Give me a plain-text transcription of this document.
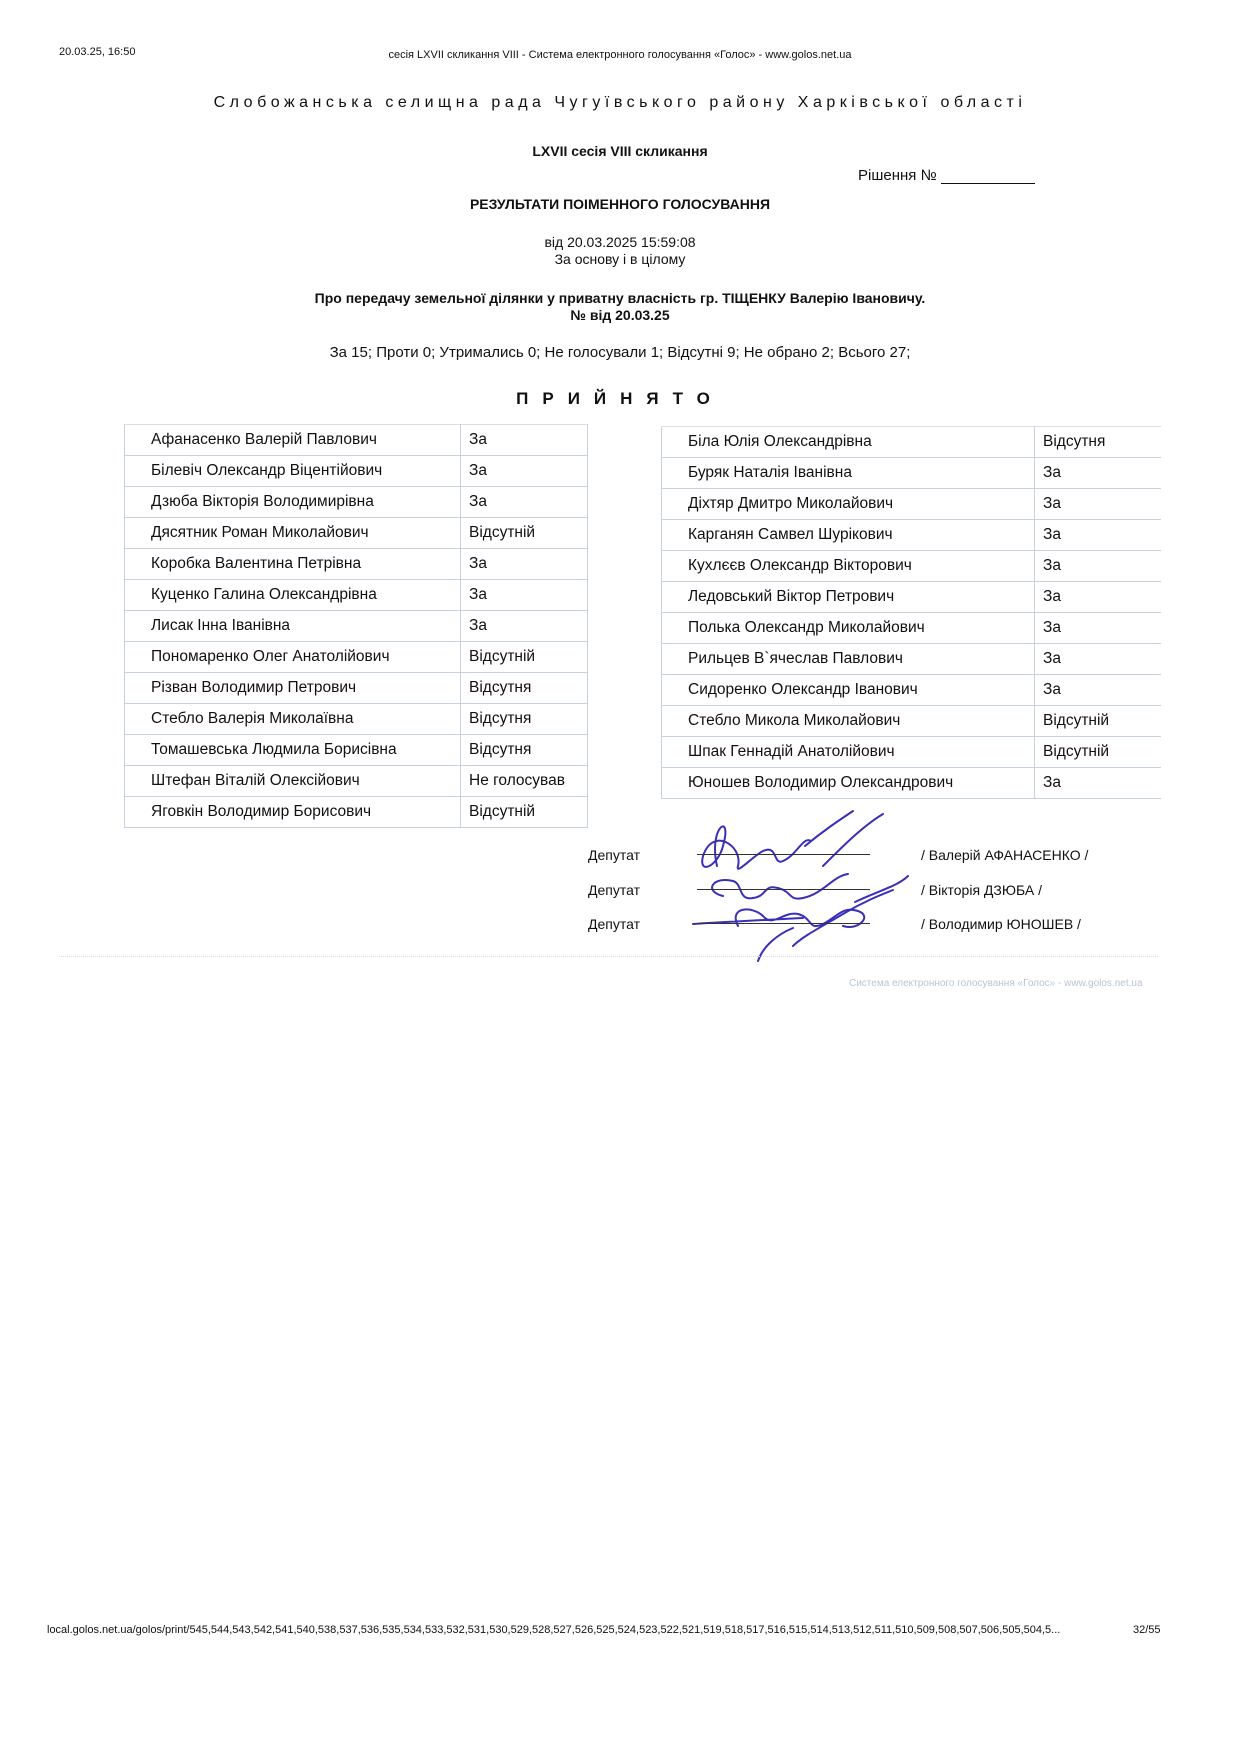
20.03.25, 16:50	сесія LXVII скликання VIII - Система електронного голосування «Голос» - www.golos.net.ua
Слобожанська селищна рада Чугуївського району Харківської області
LXVII сесія VIII скликання
Рішення №
РЕЗУЛЬТАТИ ПОІМЕННОГО ГОЛОСУВАННЯ
від 20.03.2025 15:59:08
За основу і в цілому
Про передачу земельної ділянки у приватну власність гр. ТІЩЕНКУ Валерію Івановичу.
№ від 20.03.25
За 15; Проти 0; Утримались 0; Не голосували 1; Відсутні 9; Не обрано 2; Всього 27;
ПРИЙНЯТО
Афанасенко Валерій Павлович	За
Білевіч Олександр Віцентійович	За
Дзюба Вікторія Володимирівна	За
Дяcятник Роман Миколайович	Відсутній
Коробка Валентина Петрівна	За
Куценко Галина Олександрівна	За
Лисак Інна Іванівна	За
Пономаренко Олег Анатолійович	Відсутній
Різван Володимир Петрович	Відсутня
Стебло Валерія Миколаївна	Відсутня
Томашевська Людмила Борисівна	Відсутня
Штефан Віталій Олексійович	Не голосував
Яговкін Володимир Борисович	Відсутній
Біла Юлія Олександрівна	Відсутня
Буряк Наталія Іванівна	За
Діхтяр Дмитро Миколайович	За
Карганян Самвел Шурікович	За
Кухлєєв Олександр Вікторович	За
Ледовський Віктор Петрович	За
Полька Олександр Миколайович	За
Рильцев В`ячеслав Павлович	За
Сидоренко Олександр Іванович	За
Стебло Микола Миколайович	Відсутній
Шпак Геннадій Анатолійович	Відсутній
Юношев Володимир Олександрович	За
Депутат	/ Валерій АФАНАСЕНКО /
Депутат	/ Вікторія ДЗЮБА /
Депутат	/ Володимир ЮНОШЕВ /
Система електронного голосування «Голос» - www.golos.net.ua
local.golos.net.ua/golos/print/545,544,543,542,541,540,538,537,536,535,534,533,532,531,530,529,528,527,526,525,524,523,522,521,519,518,517,516,515,514,513,512,511,510,509,508,507,506,505,504,5...	32/55
